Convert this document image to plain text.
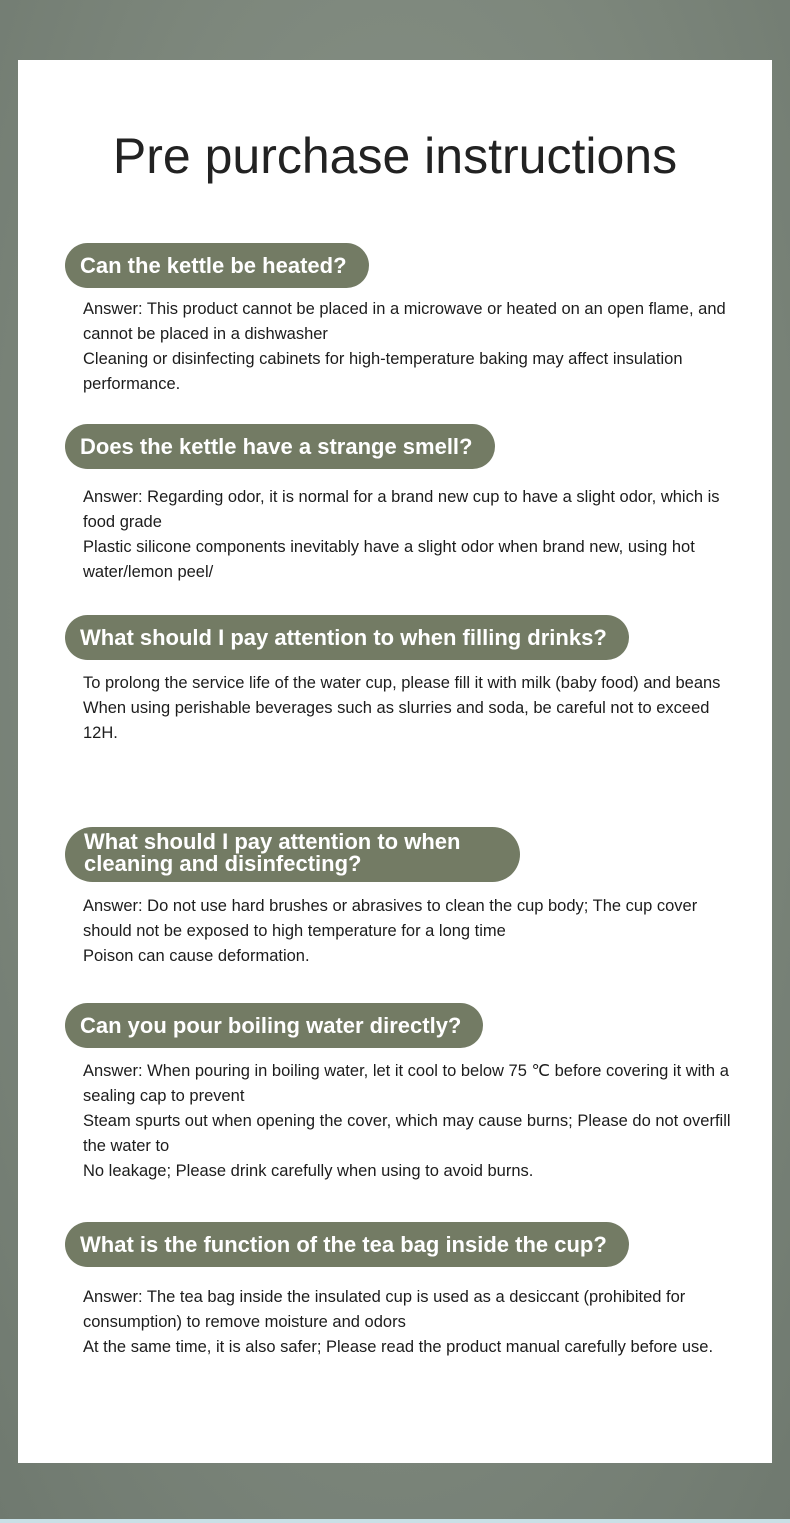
Pre purchase instructions
Can the kettle be heated?

Answer: This product cannot be placed in a microwave or heated on an open flame, and cannot be placed in a dishwasher

Cleaning or disinfecting cabinets for high-temperature baking may affect insulation performance.

Does the kettle have a strange smell?

Answer: Regarding odor, it is normal for a brand new cup to have a slight odor, which is food grade

Plastic silicone components inevitably have a slight odor when brand new, using hot water/lemon peel/

What should I pay attention to when filling drinks?

To prolong the service life of the water cup, please fill it with milk (baby food) and beans

When using perishable beverages such as slurries and soda, be careful not to exceed 12H.

What should I pay attention to when cleaning and disinfecting?

Answer: Do not use hard brushes or abrasives to clean the cup body; The cup cover should not be exposed to high temperature for a long time

Poison can cause deformation.

Can you pour boiling water directly?

Answer: When pouring in boiling water, let it cool to below 75 ℃ before covering it with a sealing cap to prevent

Steam spurts out when opening the cover, which may cause burns; Please do not overfill the water to

No leakage; Please drink carefully when using to avoid burns.

What is the function of the tea bag inside the cup?

Answer: The tea bag inside the insulated cup is used as a desiccant (prohibited for consumption) to remove moisture and odors

At the same time, it is also safer; Please read the product manual carefully before use.
